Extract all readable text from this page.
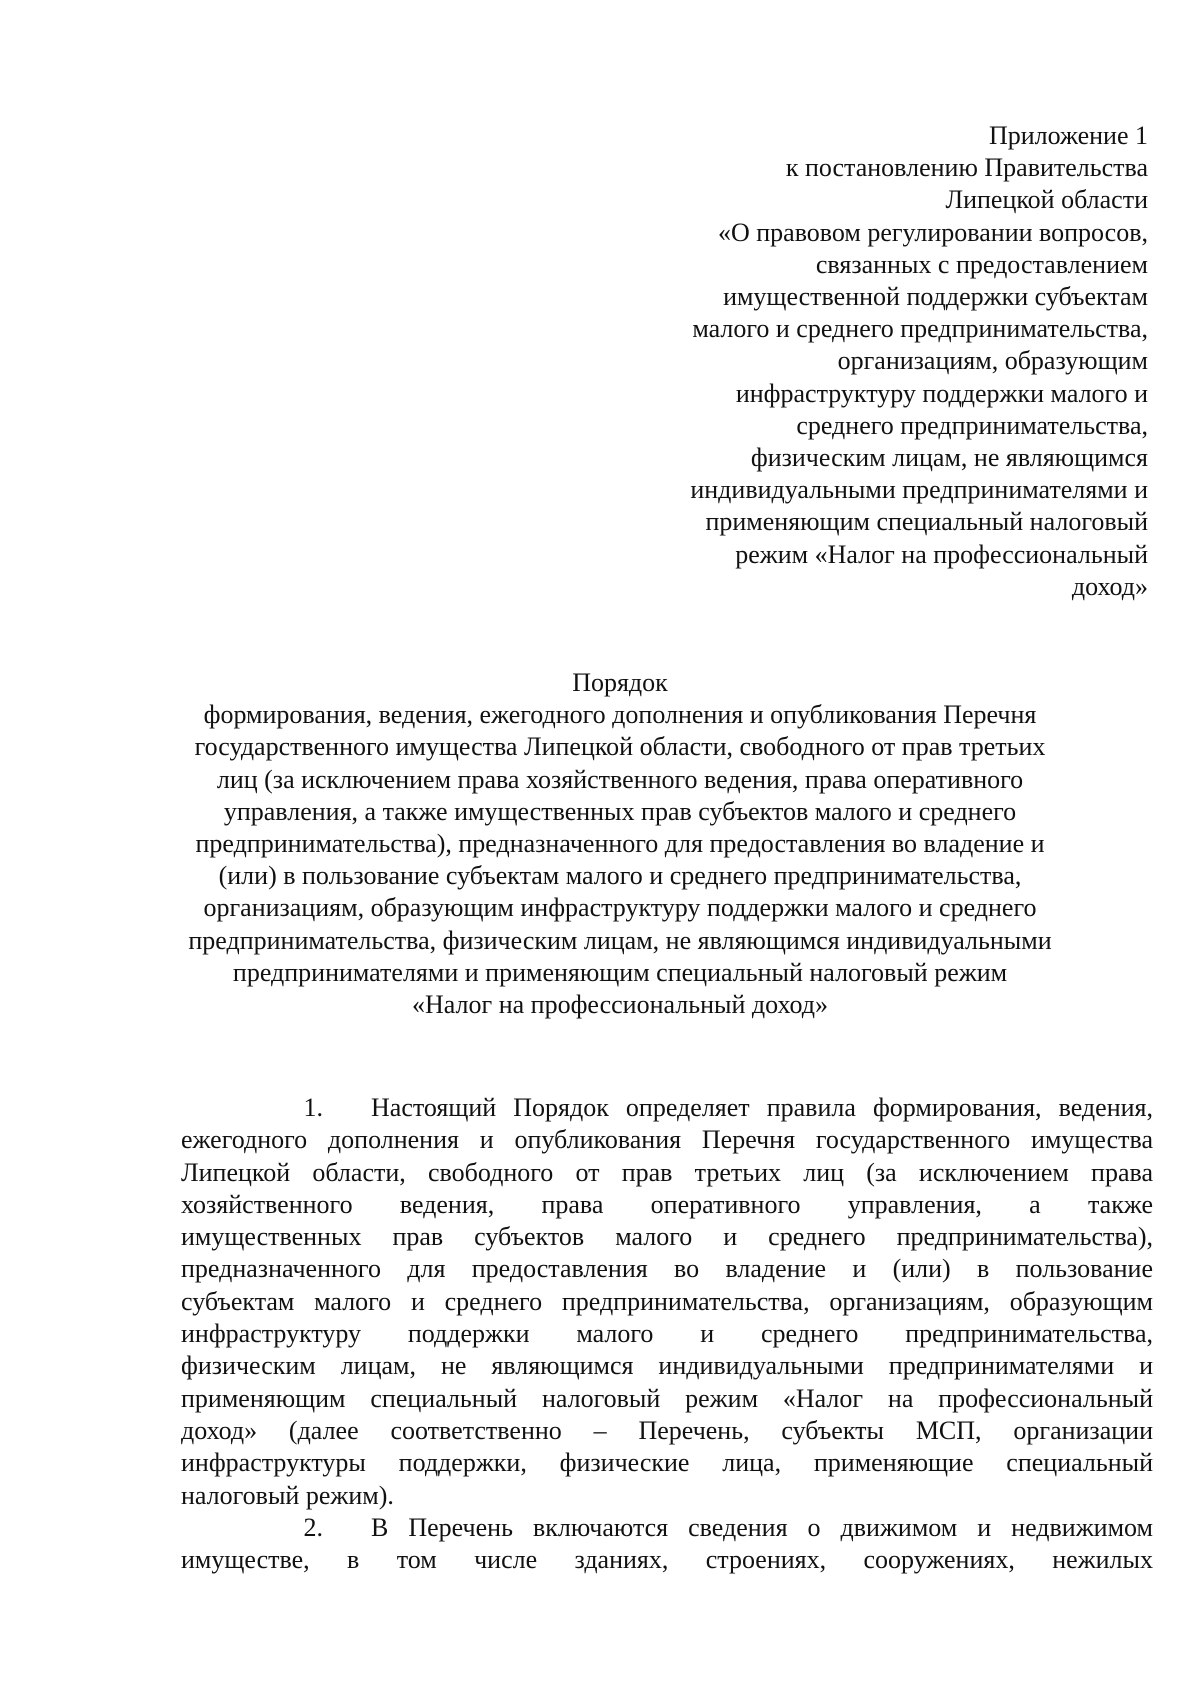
Приложение 1
к постановлению Правительства
Липецкой области
«О правовом регулировании вопросов,
связанных с предоставлением
имущественной поддержки субъектам
малого и среднего предпринимательства,
организациям, образующим
инфраструктуру поддержки малого и
среднего предпринимательства,
физическим лицам, не являющимся
индивидуальными предпринимателями и
применяющим специальный налоговый
режим «Налог на профессиональный
доход»
Порядок
формирования, ведения, ежегодного дополнения и опубликования Перечня
государственного имущества Липецкой области, свободного от прав третьих
лиц (за исключением права хозяйственного ведения, права оперативного
управления, а также имущественных прав субъектов малого и среднего
предпринимательства), предназначенного для предоставления во владение и
(или) в пользование субъектам малого и среднего предпринимательства,
организациям, образующим инфраструктуру поддержки малого и среднего
предпринимательства, физическим лицам, не являющимся индивидуальными
предпринимателями и применяющим специальный налоговый режим
«Налог на профессиональный доход»
1.	Настоящий Порядок определяет правила формирования, ведения,
ежегодного дополнения и опубликования Перечня государственного имущества
Липецкой области, свободного от прав третьих лиц (за исключением права
хозяйственного ведения, права оперативного управления, а также
имущественных прав субъектов малого и среднего предпринимательства),
предназначенного для предоставления во владение и (или) в пользование
субъектам малого и среднего предпринимательства, организациям, образующим
инфраструктуру поддержки малого и среднего предпринимательства,
физическим лицам, не являющимся индивидуальными предпринимателями и
применяющим специальный налоговый режим «Налог на профессиональный
доход» (далее соответственно – Перечень, субъекты МСП, организации
инфраструктуры поддержки, физические лица, применяющие специальный
налоговый режим).
2.	В Перечень включаются сведения о движимом и недвижимом
имуществе, в том числе зданиях, строениях, сооружениях, нежилых
